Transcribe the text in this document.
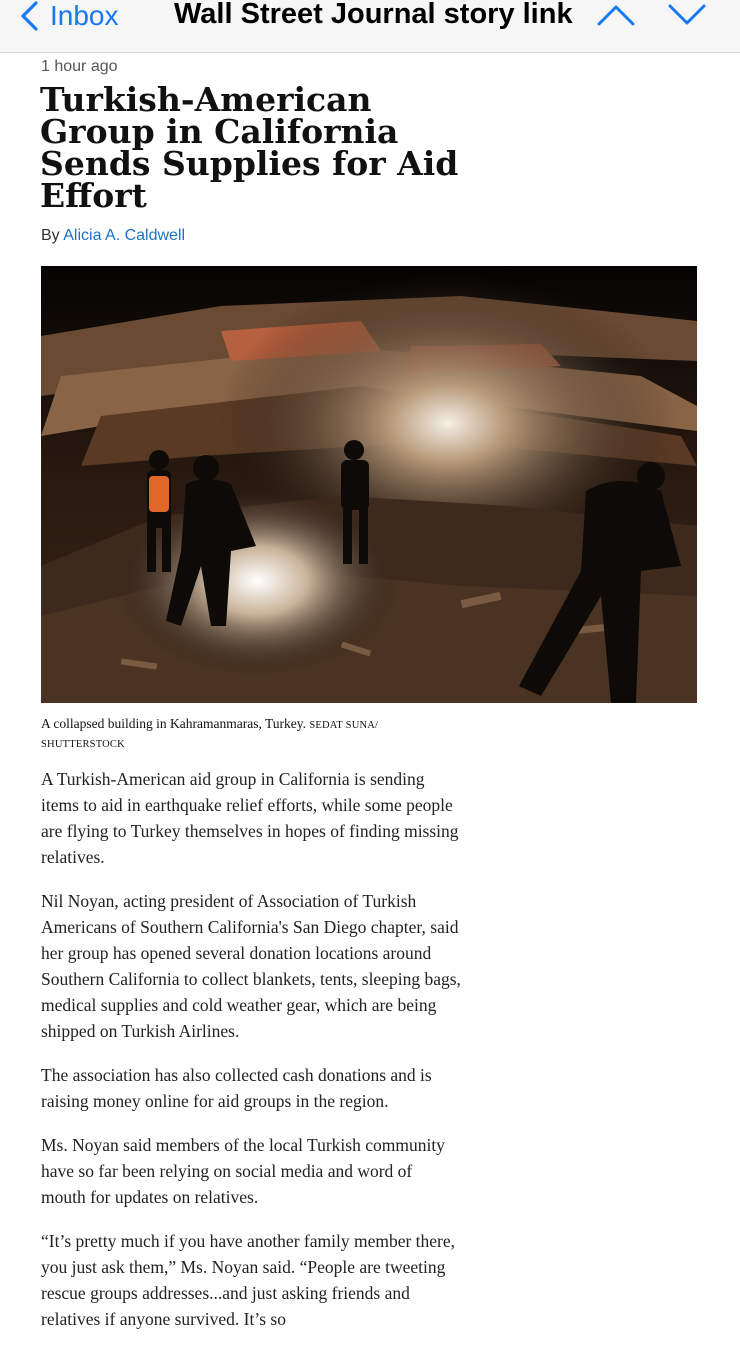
Inbox Wall Street Journal story link
1 hour ago
Turkish-American Group in California Sends Supplies for Aid Effort
By Alicia A. Caldwell
A collapsed building in Kahramanmaras, Turkey. SEDAT SUNA/ SHUTTERSTOCK

A Turkish-American aid group in California is sending items to aid in earthquake relief efforts, while some people are flying to Turkey themselves in hopes of finding missing relatives.

Nil Noyan, acting president of Association of Turkish Americans of Southern California's San Diego chapter, said her group has opened several donation locations around Southern California to collect blankets, tents, sleeping bags, medical supplies and cold weather gear, which are being shipped on Turkish Airlines.

The association has also collected cash donations and is raising money online for aid groups in the region.

Ms. Noyan said members of the local Turkish community have so far been relying on social media and word of mouth for updates on relatives.

“It’s pretty much if you have another family member there, you just ask them,” Ms. Noyan said. “People are tweeting rescue groups addresses...and just asking friends and relatives if anyone survived. It’s so
